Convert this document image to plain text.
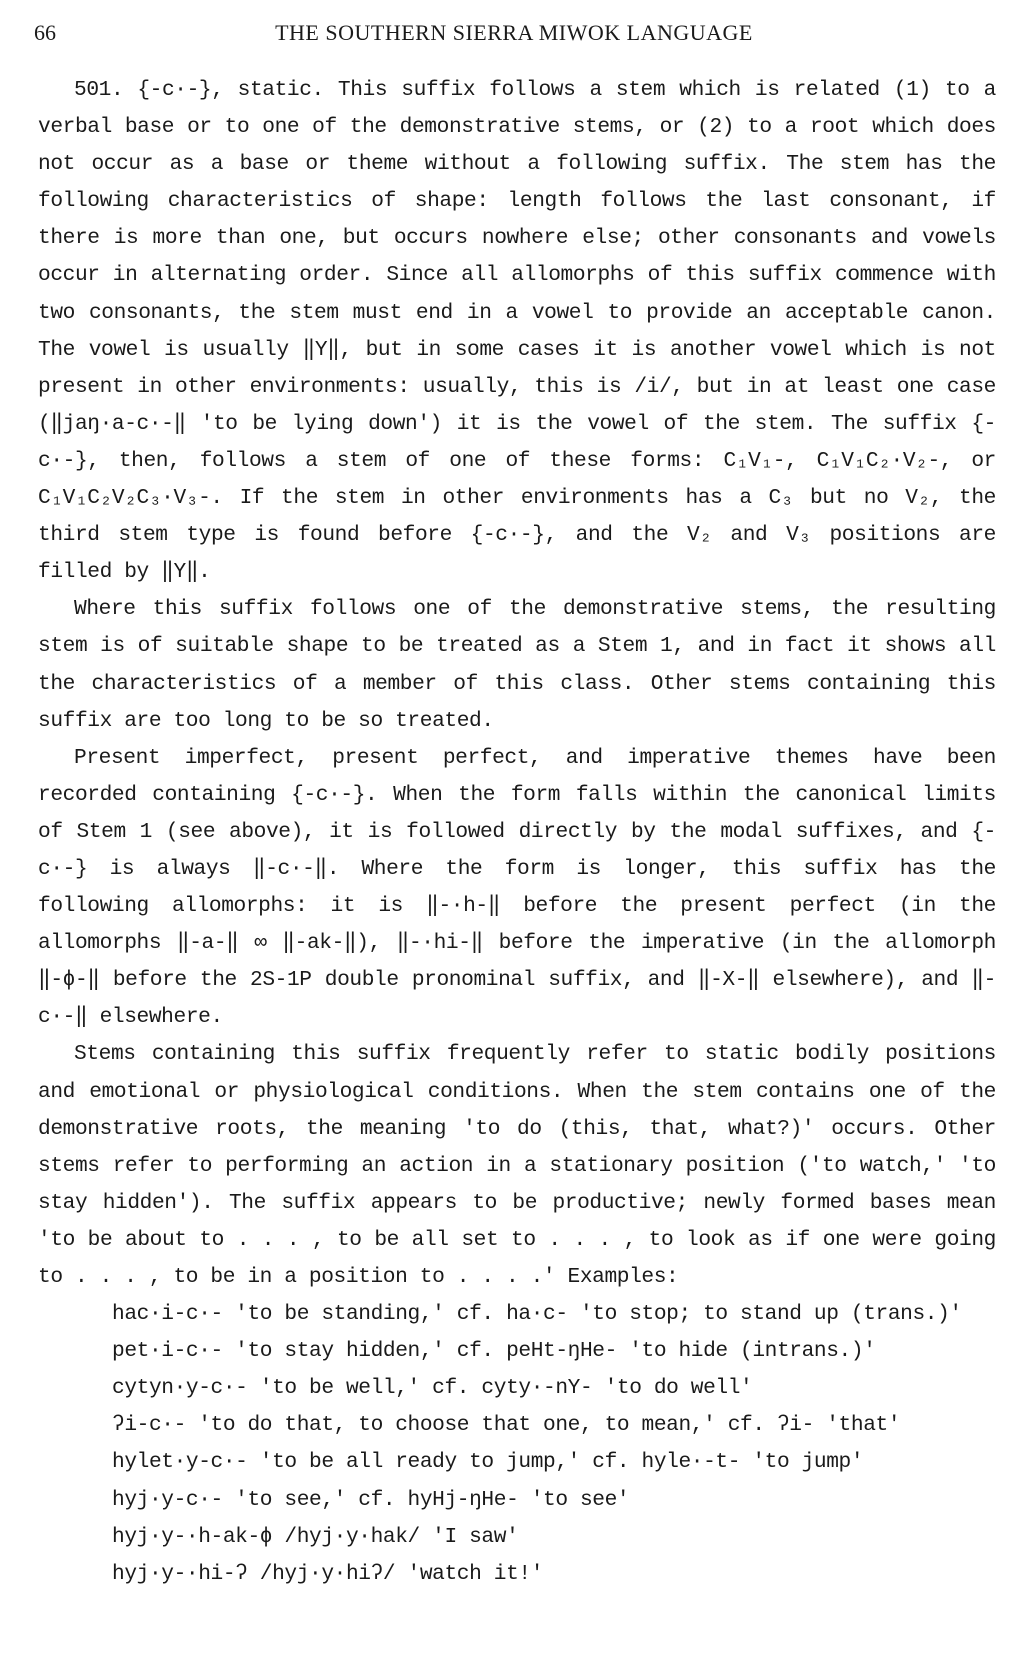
66	THE SOUTHERN SIERRA MIWOK LANGUAGE

501. {-c·-}, static. This suffix follows a stem which is related (1) to a verbal base or to one of the demonstrative stems, or (2) to a root which does not occur as a base or theme without a following suffix. The stem has the following characteristics of shape: length follows the last consonant, if there is more than one, but occurs nowhere else; other consonants and vowels occur in alternating order. Since all allomorphs of this suffix commence with two consonants, the stem must end in a vowel to provide an acceptable canon. The vowel is usually ‖Y‖, but in some cases it is another vowel which is not present in other environments: usually, this is /i/, but in at least one case (‖jaŋ·a-c·-‖ 'to be lying down') it is the vowel of the stem. The suffix {-c·-}, then, follows a stem of one of these forms: C₁V₁-, C₁V₁C₂·V₂-, or C₁V₁C₂V₂C₃·V₃-. If the stem in other environments has a C₃ but no V₂, the third stem type is found before {-c·-}, and the V₂ and V₃ positions are filled by ‖Y‖.

Where this suffix follows one of the demonstrative stems, the resulting stem is of suitable shape to be treated as a Stem 1, and in fact it shows all the characteristics of a member of this class. Other stems containing this suffix are too long to be so treated.

Present imperfect, present perfect, and imperative themes have been recorded containing {-c·-}. When the form falls within the canonical limits of Stem 1 (see above), it is followed directly by the modal suffixes, and {-c·-} is always ‖-c·-‖. Where the form is longer, this suffix has the following allomorphs: it is ‖-·h-‖ before the present perfect (in the allomorphs ‖-a-‖ ∞ ‖-ak-‖), ‖-·hi-‖ before the imperative (in the allomorph ‖-ɸ-‖ before the 2S-1P double pronominal suffix, and ‖-X-‖ elsewhere), and ‖-c·-‖ elsewhere.

Stems containing this suffix frequently refer to static bodily positions and emotional or physiological conditions. When the stem contains one of the demonstrative roots, the meaning 'to do (this, that, what?)' occurs. Other stems refer to performing an action in a stationary position ('to watch,' 'to stay hidden'). The suffix appears to be productive; newly formed bases mean 'to be about to . . . , to be all set to . . . , to look as if one were going to . . . , to be in a position to . . . .' Examples:

hac·i-c·- 'to be standing,' cf. ha·c- 'to stop; to stand up (trans.)'
pet·i-c·- 'to stay hidden,' cf. peHt-ŋHe- 'to hide (intrans.)'
cytyn·y-c·- 'to be well,' cf. cyty·-nY- 'to do well'
ʔi-c·- 'to do that, to choose that one, to mean,' cf. ʔi- 'that'
hylet·y-c·- 'to be all ready to jump,' cf. hyle·-t- 'to jump'
hyj·y-c·- 'to see,' cf. hyHj-ŋHe- 'to see'
hyj·y-·h-ak-ɸ /hyj·y·hak/ 'I saw'
hyj·y-·hi-ʔ /hyj·y·hiʔ/ 'watch it!'
